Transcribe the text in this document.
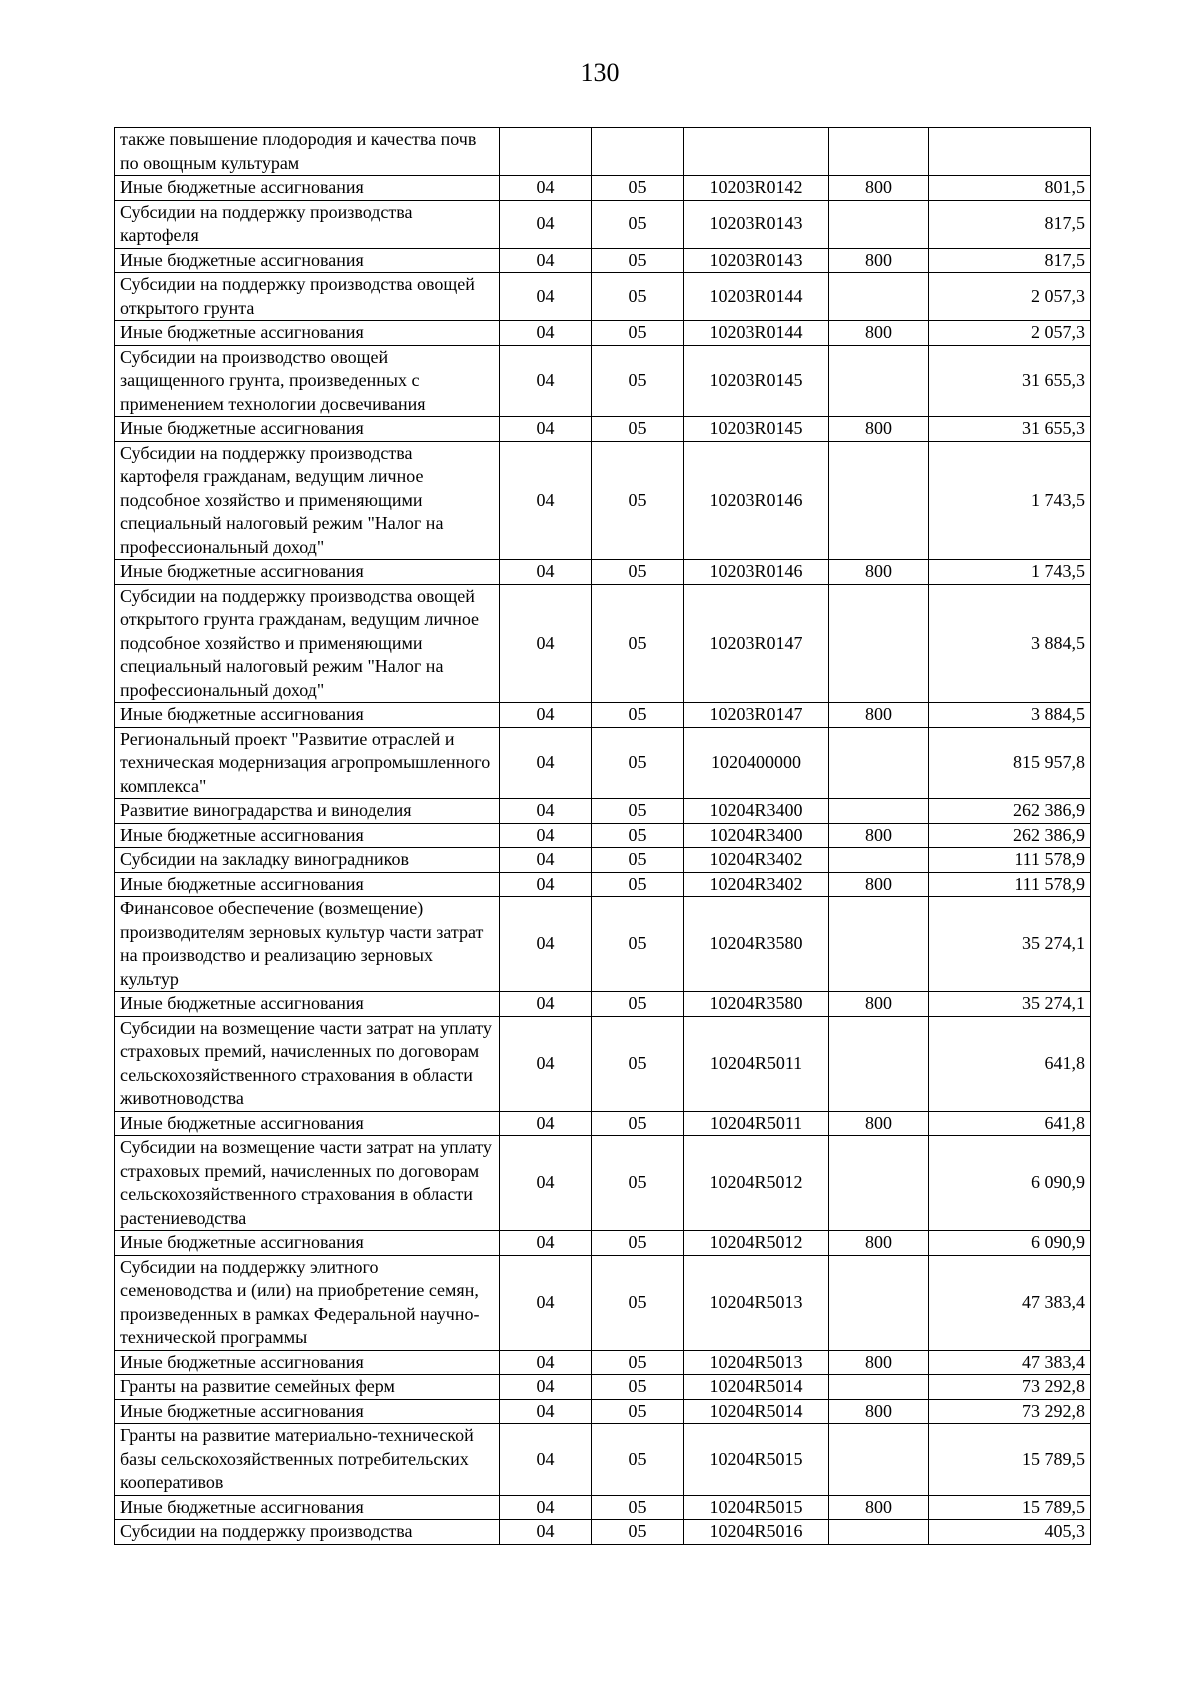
130
также повышение плодородия и качества почв по овощным культурам					
Иные бюджетные ассигнования	04	05	10203R0142	800	801,5
Субсидии на поддержку производства картофеля	04	05	10203R0143		817,5
Иные бюджетные ассигнования	04	05	10203R0143	800	817,5
Субсидии на поддержку производства овощей открытого грунта	04	05	10203R0144		2 057,3
Иные бюджетные ассигнования	04	05	10203R0144	800	2 057,3
Субсидии на производство овощей защищенного грунта, произведенных с применением технологии досвечивания	04	05	10203R0145		31 655,3
Иные бюджетные ассигнования	04	05	10203R0145	800	31 655,3
Субсидии на поддержку производства картофеля гражданам, ведущим личное подсобное хозяйство и применяющими специальный налоговый режим "Налог на профессиональный доход"	04	05	10203R0146		1 743,5
Иные бюджетные ассигнования	04	05	10203R0146	800	1 743,5
Субсидии на поддержку производства овощей открытого грунта гражданам, ведущим личное подсобное хозяйство и применяющими специальный налоговый режим "Налог на профессиональный доход"	04	05	10203R0147		3 884,5
Иные бюджетные ассигнования	04	05	10203R0147	800	3 884,5
Региональный проект "Развитие отраслей и техническая модернизация агропромышленного комплекса"	04	05	1020400000		815 957,8
Развитие виноградарства и виноделия	04	05	10204R3400		262 386,9
Иные бюджетные ассигнования	04	05	10204R3400	800	262 386,9
Субсидии на закладку виноградников	04	05	10204R3402		111 578,9
Иные бюджетные ассигнования	04	05	10204R3402	800	111 578,9
Финансовое обеспечение (возмещение) производителям зерновых культур части затрат на производство и реализацию зерновых культур	04	05	10204R3580		35 274,1
Иные бюджетные ассигнования	04	05	10204R3580	800	35 274,1
Субсидии на возмещение части затрат на уплату страховых премий, начисленных по договорам сельскохозяйственного страхования в области животноводства	04	05	10204R5011		641,8
Иные бюджетные ассигнования	04	05	10204R5011	800	641,8
Субсидии на возмещение части затрат на уплату страховых премий, начисленных по договорам сельскохозяйственного страхования в области растениеводства	04	05	10204R5012		6 090,9
Иные бюджетные ассигнования	04	05	10204R5012	800	6 090,9
Субсидии на поддержку элитного семеноводства и (или) на приобретение семян, произведенных в рамках Федеральной научно-технической программы	04	05	10204R5013		47 383,4
Иные бюджетные ассигнования	04	05	10204R5013	800	47 383,4
Гранты на развитие семейных ферм	04	05	10204R5014		73 292,8
Иные бюджетные ассигнования	04	05	10204R5014	800	73 292,8
Гранты на развитие материально-технической базы сельскохозяйственных потребительских кооперативов	04	05	10204R5015		15 789,5
Иные бюджетные ассигнования	04	05	10204R5015	800	15 789,5
Субсидии на поддержку производства	04	05	10204R5016		405,3
